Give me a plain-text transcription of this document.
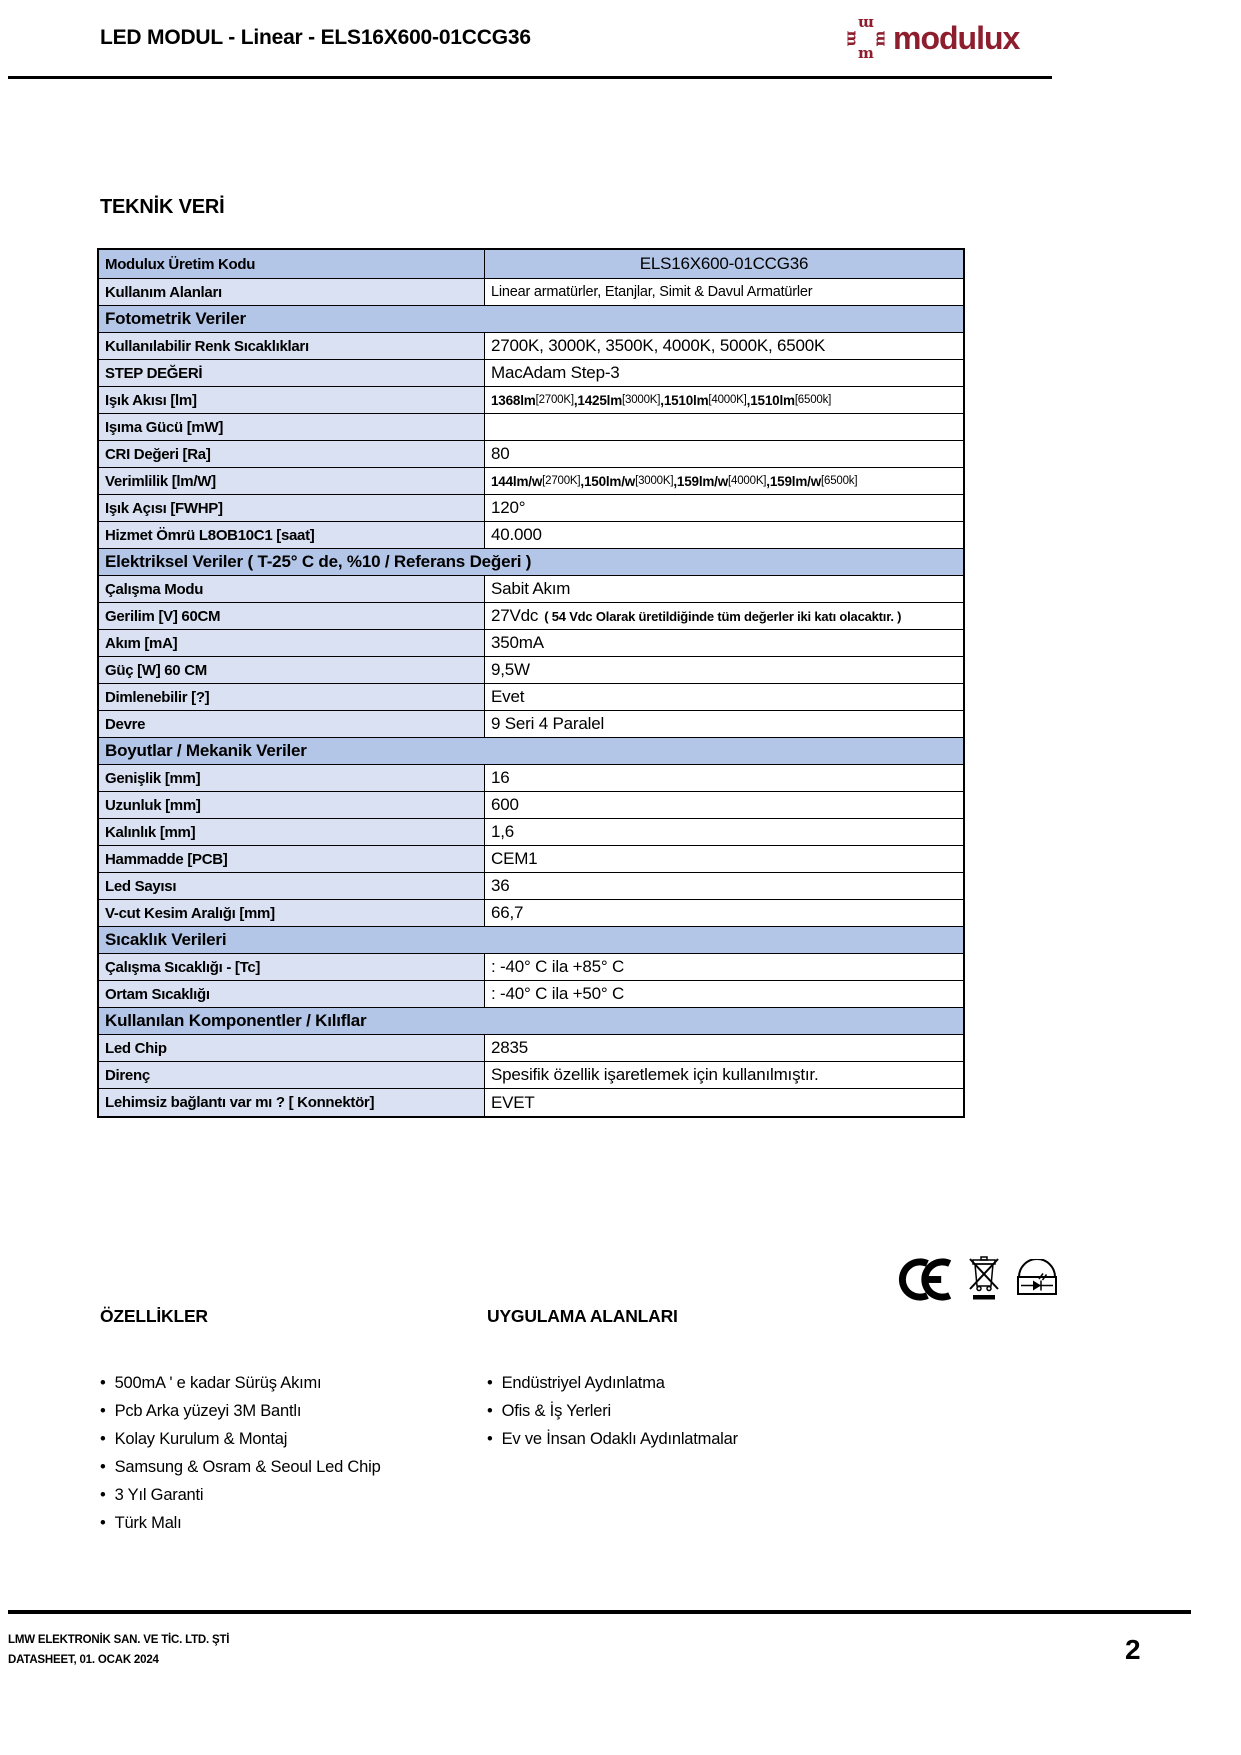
LED MODUL - Linear - ELS16X600-01CCG36
m
m
m m modulux
TEKNİK VERİ
Modulux Üretim Kodu	ELS16X600-01CCG36
Kullanım Alanları	Linear armatürler, Etanjlar, Simit & Davul Armatürler
Fotometrik Veriler
Kullanılabilir Renk Sıcaklıkları	2700K, 3000K, 3500K, 4000K, 5000K, 6500K
STEP DEĞERİ	MacAdam Step-3
Işık Akısı [lm]	1368lm [2700K] , 1425lm [3000K] , 1510lm [4000K] , 1510lm [6500k]
Işıma Gücü [mW]
CRI Değeri [Ra]	80
Verimlilik [lm/W]	144lm/w [2700K] , 150lm/w [3000K] , 159lm/w [4000K] , 159lm/w [6500k]
Işık Açısı [FWHP]	120°
Hizmet Ömrü L8OB10C1 [saat]	40.000
Elektriksel Veriler ( T-25° C de, %10 / Referans Değeri )
Çalışma Modu	Sabit Akım
Gerilim [V] 60CM	27Vdc ( 54 Vdc Olarak üretildiğinde tüm değerler iki katı olacaktır. )
Akım [mA]	350mA
Güç [W] 60 CM	9,5W
Dimlenebilir [?]	Evet
Devre	9 Seri 4 Paralel
Boyutlar / Mekanik Veriler
Genişlik [mm]	16
Uzunluk [mm]	600
Kalınlık [mm]	1,6
Hammadde [PCB]	CEM1
Led Sayısı	36
V-cut Kesim Aralığı [mm]	66,7
Sıcaklık Verileri
Çalışma Sıcaklığı - [Tc]	: -40° C ila +85° C
Ortam Sıcaklığı	: -40° C ila +50° C
Kullanılan Komponentler / Kılıflar
Led Chip	2835
Direnç	Spesifik özellik işaretlemek için kullanılmıştır.
Lehimsiz bağlantı var mı ? [ Konnektör]	EVET
ÖZELLİKLER
• 500mA ' e kadar Sürüş Akımı
• Pcb Arka yüzeyi 3M Bantlı
• Kolay Kurulum & Montaj
• Samsung & Osram & Seoul Led Chip
• 3 Yıl Garanti
• Türk Malı
UYGULAMA ALANLARI
• Endüstriyel Aydınlatma
• Ofis & İş Yerleri
• Ev ve İnsan Odaklı Aydınlatmalar
LMW ELEKTRONİK SAN. VE TİC. LTD. ŞTİ
DATASHEET, 01. OCAK 2024	2
